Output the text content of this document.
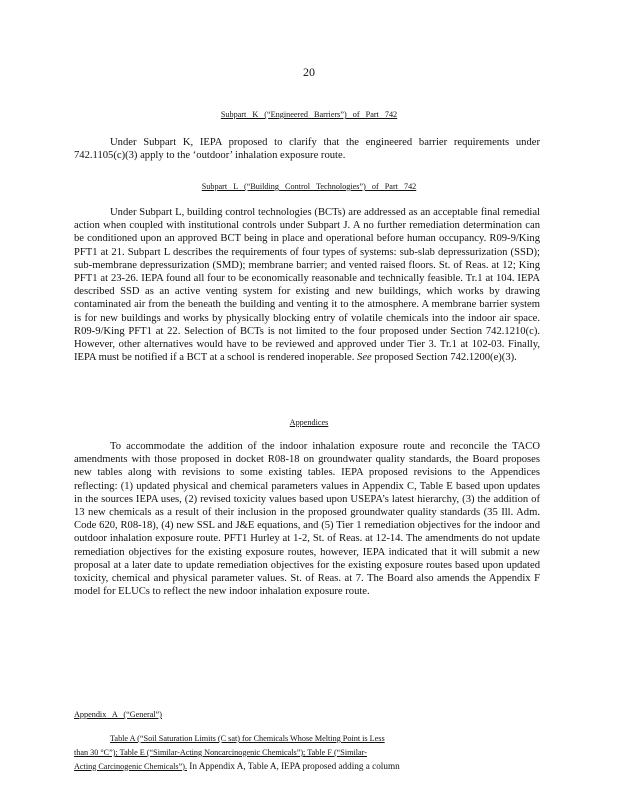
20
Subpart K (“Engineered Barriers”) of Part 742
Under Subpart K, IEPA proposed to clarify that the engineered barrier requirements under 742.1105(c)(3) apply to the ‘outdoor’ inhalation exposure route.
Subpart L (“Building Control Technologies”) of Part 742
Under Subpart L, building control technologies (BCTs) are addressed as an acceptable final remedial action when coupled with institutional controls under Subpart J. A no further remediation determination can be conditioned upon an approved BCT being in place and operational before human occupancy. R09-9/King PFT1 at 21. Subpart L describes the requirements of four types of systems: sub-slab depressurization (SSD); sub-membrane depressurization (SMD); membrane barrier; and vented raised floors. St. of Reas. at 12; King PFT1 at 23-26. IEPA found all four to be economically reasonable and technically feasible. Tr.1 at 104. IEPA described SSD as an active venting system for existing and new buildings, which works by drawing contaminated air from the beneath the building and venting it to the atmosphere. A membrane barrier system is for new buildings and works by physically blocking entry of volatile chemicals into the indoor air space. R09-9/King PFT1 at 22. Selection of BCTs is not limited to the four proposed under Section 742.1210(c). However, other alternatives would have to be reviewed and approved under Tier 3. Tr.1 at 102-03. Finally, IEPA must be notified if a BCT at a school is rendered inoperable. See proposed Section 742.1200(e)(3).
Appendices
To accommodate the addition of the indoor inhalation exposure route and reconcile the TACO amendments with those proposed in docket R08-18 on groundwater quality standards, the Board proposes new tables along with revisions to some existing tables. IEPA proposed revisions to the Appendices reflecting: (1) updated physical and chemical parameters values in Appendix C, Table E based upon updates in the sources IEPA uses, (2) revised toxicity values based upon USEPA’s latest hierarchy, (3) the addition of 13 new chemicals as a result of their inclusion in the proposed groundwater quality standards (35 Ill. Adm. Code 620, R08-18), (4) new SSL and J&E equations, and (5) Tier 1 remediation objectives for the indoor and outdoor inhalation exposure route. PFT1 Hurley at 1-2, St. of Reas. at 12-14. The amendments do not update remediation objectives for the existing exposure routes, however, IEPA indicated that it will submit a new proposal at a later date to update remediation objectives for the existing exposure routes based upon updated toxicity, chemical and physical parameter values. St. of Reas. at 7. The Board also amends the Appendix F model for ELUCs to reflect the new indoor inhalation exposure route.
Appendix A (“General”)
Table A (“Soil Saturation Limits (C sat) for Chemicals Whose Melting Point is Less
than 30 °C”); Table E (“Similar-Acting Noncarcinogenic Chemicals”); Table F (“Similar-
Acting Carcinogenic Chemicals”). In Appendix A, Table A, IEPA proposed adding a column
